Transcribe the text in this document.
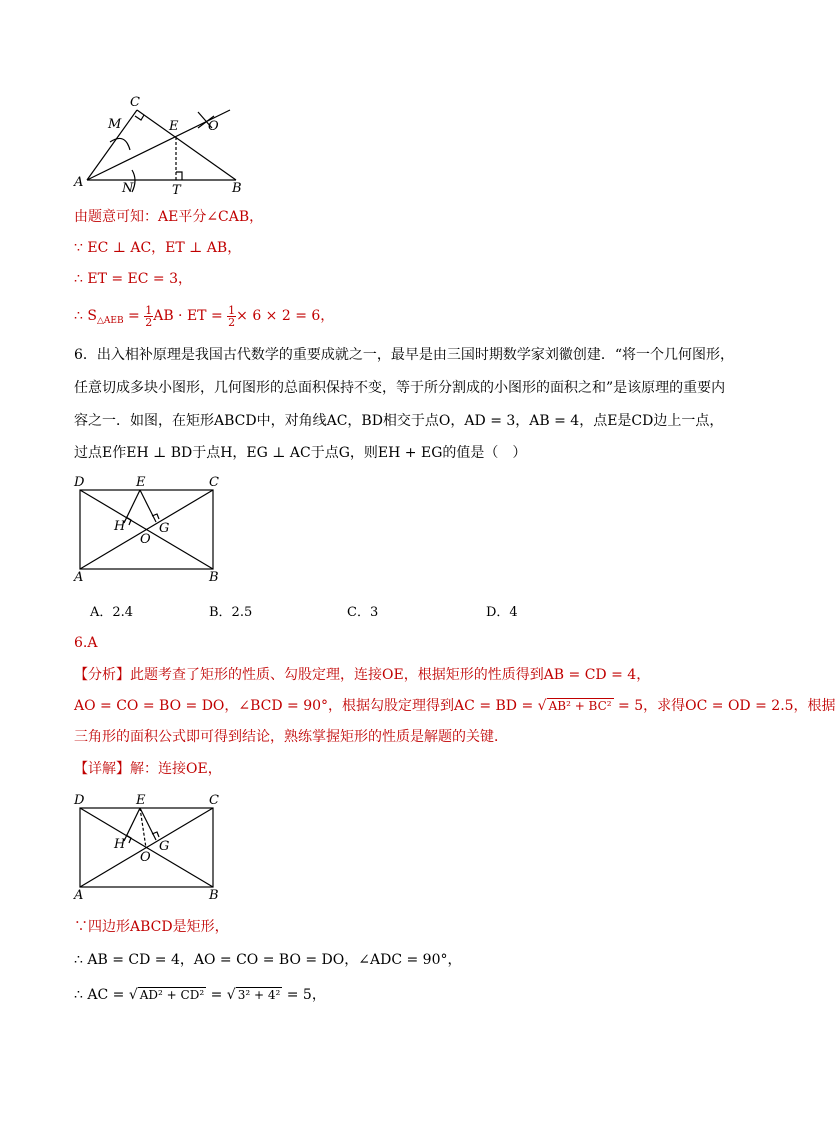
C
M	E O
A	N	T	B
由题意可知：AE平分∠CAB，
∵ EC ⊥ AC，ET ⊥ AB，
∴ ET = EC = 3，
∴ $S_{\triangle AEB} = \frac{1}{2}$ AB · ET = $\frac{1}{2} \times 6 \times 2 = 6$，
6．出入相补原理是我国古代数学的重要成就之一，最早是由三国时期数学家刘徽创建．“将一个几何图形，
任意切成多块小图形，几何图形的总面积保持不变，等于所分割成的小图形的面积之和”是该原理的重要内
容之一．如图，在矩形ABCD中，对角线AC，BD相交于点O，AD = 3，AB = 4，点E是CD边上一点，
过点E作EH ⊥ BD于点H，EG ⊥ AC于点G，则EH + EG的值是（　）
D	E	C
H	G
O
A	B
A．2.4	B．2.5	C．3	D．4
6.A
【分析】此题考查了矩形的性质、勾股定理，连接OE，根据矩形的性质得到AB = CD = 4，
AO = CO = BO = DO，∠BCD = 90°，根据勾股定理得到AC = BD = √ AB² + BC² = 5，求得OC = OD = 2.5，根据
三角形的面积公式即可得到结论，熟练掌握矩形的性质是解题的关键．
【详解】解：连接OE，
D	E	C
H	G
O
A	B
∵四边形ABCD是矩形，
∴ AB = CD = 4，AO = CO = BO = DO，∠ADC = 90°，
∴ AC = √ AD² + CD² = √ 3² + 4² = 5，
